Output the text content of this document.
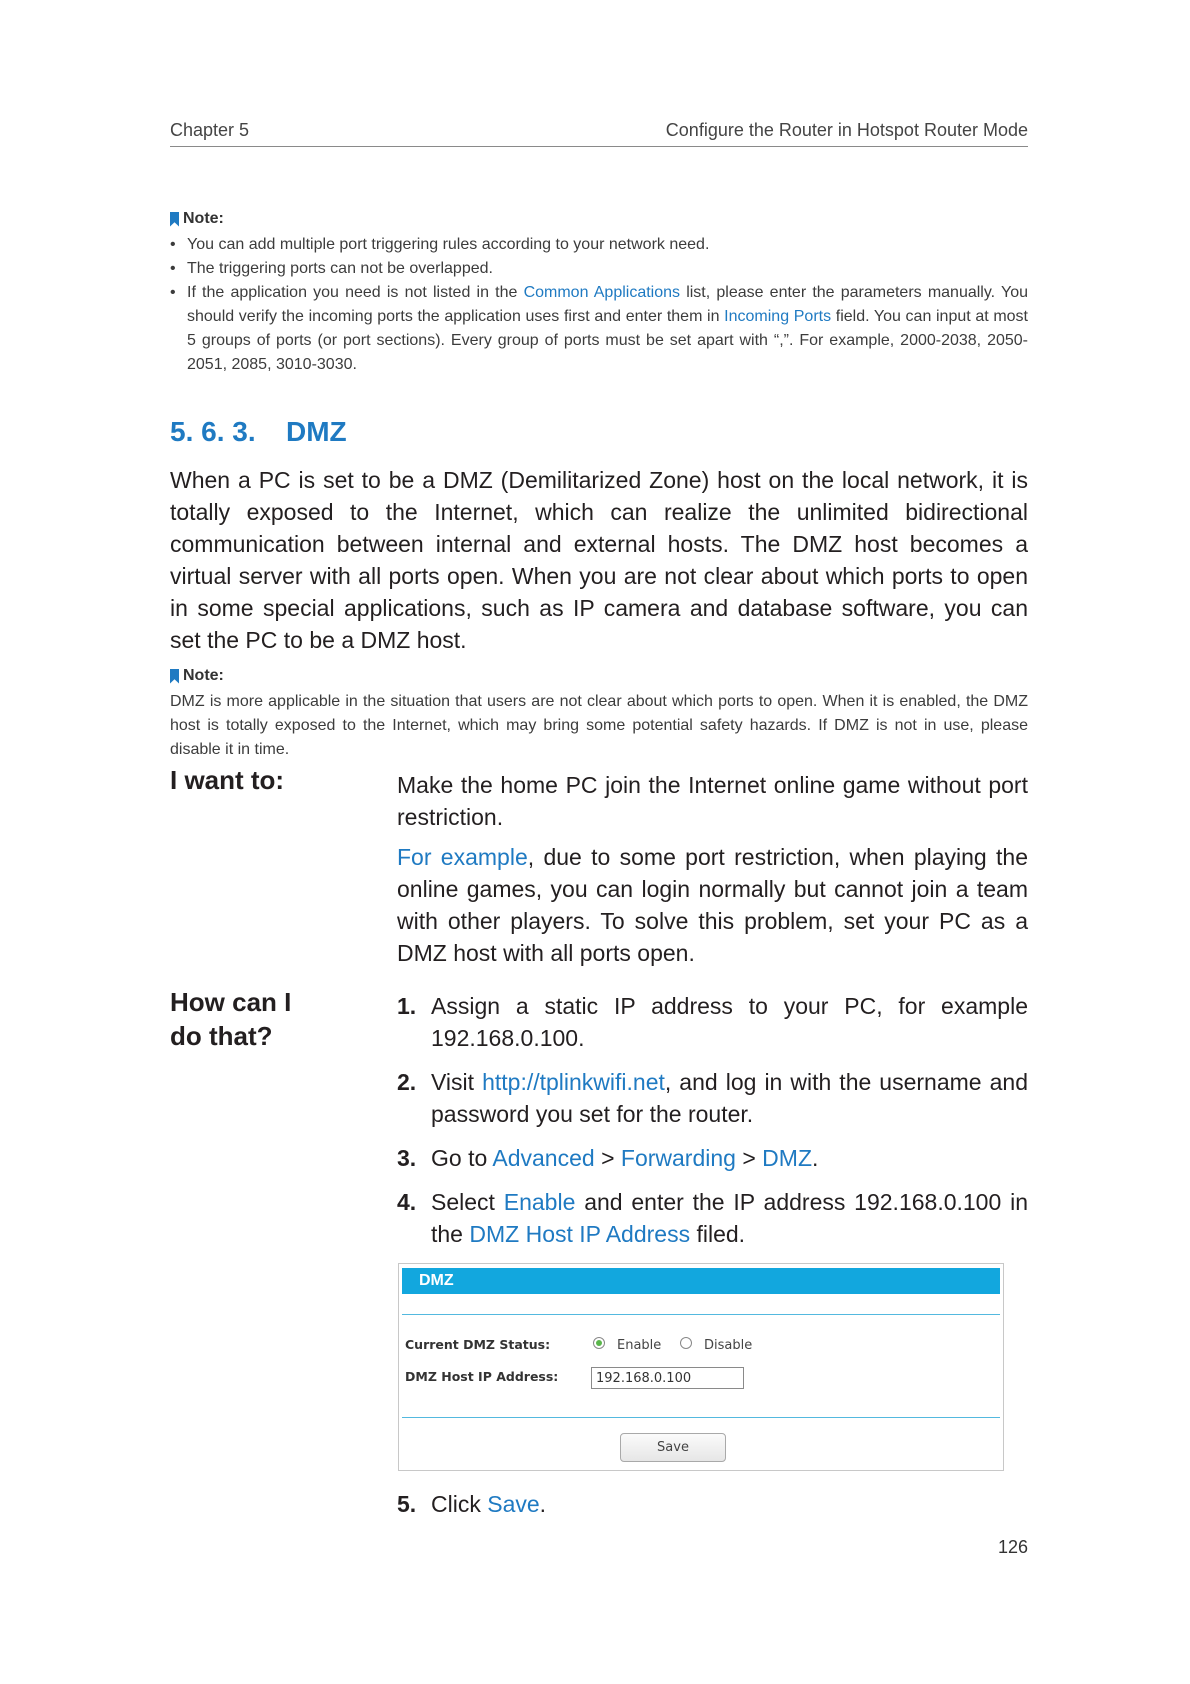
Chapter 5	Configure the Router in Hotspot Router Mode
Note:
• You can add multiple port triggering rules according to your network need.
• The triggering ports can not be overlapped.
• If the application you need is not listed in the Common Applications list, please enter the parameters manually. You should verify the incoming ports the application uses first and enter them in Incoming Ports field. You can input at most 5 groups of ports (or port sections). Every group of ports must be set apart with “,”. For example, 2000-2038, 2050-2051, 2085, 3010-3030.
5. 6. 3. DMZ

When a PC is set to be a DMZ (Demilitarized Zone) host on the local network, it is totally exposed to the Internet, which can realize the unlimited bidirectional communication between internal and external hosts. The DMZ host becomes a virtual server with all ports open. When you are not clear about which ports to open in some special applications, such as IP camera and database software, you can set the PC to be a DMZ host.

Note:

DMZ is more applicable in the situation that users are not clear about which ports to open. When it is enabled, the DMZ host is totally exposed to the Internet, which may bring some potential safety hazards. If DMZ is not in use, please disable it in time.

I want to:	Make the home PC join the Internet online game without port restriction.

For example, due to some port restriction, when playing the online games, you can login normally but cannot join a team with other players. To solve this problem, set your PC as a DMZ host with all ports open.

How can I
do that?

1. Assign a static IP address to your PC, for example 192.168.0.100.
2. Visit http://tplinkwifi.net, and log in with the username and password you set for the router.
3. Go to Advanced > Forwarding > DMZ.
4. Select Enable and enter the IP address 192.168.0.100 in the DMZ Host IP Address filed.
DMZ
Current DMZ Status:	Enable	Disable
DMZ Host IP Address:
192.168.0.100
Save

5. Click Save.

126
